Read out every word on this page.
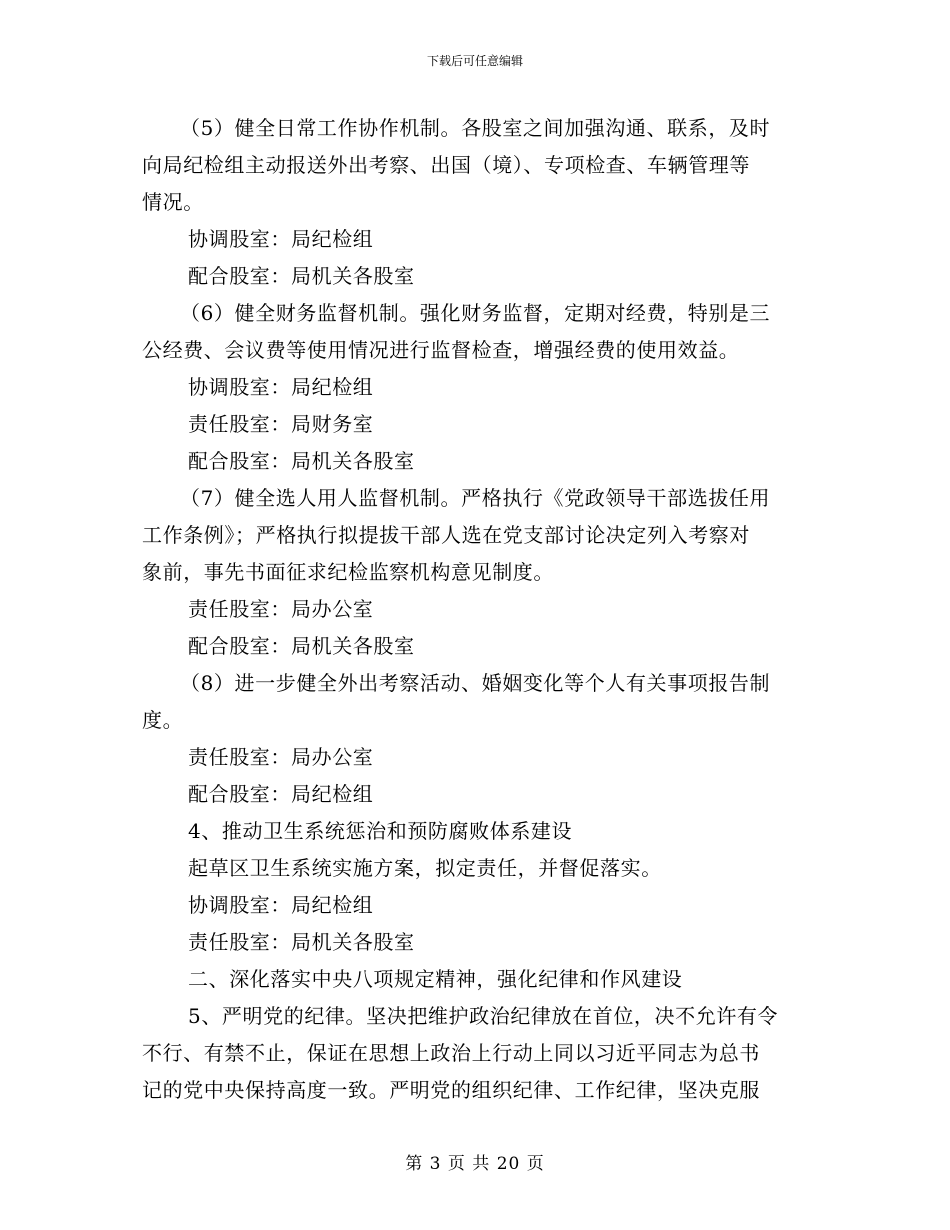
下载后可任意编辑
（5）健全日常工作协作机制。各股室之间加强沟通、联系，及时
向局纪检组主动报送外出考察、出国（境）、专项检查、车辆管理等
情况。
协调股室：局纪检组
配合股室：局机关各股室
（6）健全财务监督机制。强化财务监督，定期对经费，特别是三
公经费、会议费等使用情况进行监督检查，增强经费的使用效益。
协调股室：局纪检组
责任股室：局财务室
配合股室：局机关各股室
（7）健全选人用人监督机制。严格执行《党政领导干部选拔任用
工作条例》；严格执行拟提拔干部人选在党支部讨论决定列入考察对
象前，事先书面征求纪检监察机构意见制度。
责任股室：局办公室
配合股室：局机关各股室
（8）进一步健全外出考察活动、婚姻变化等个人有关事项报告制
度。
责任股室：局办公室
配合股室：局纪检组
4、推动卫生系统惩治和预防腐败体系建设
起草区卫生系统实施方案，拟定责任，并督促落实。
协调股室：局纪检组
责任股室：局机关各股室
二、深化落实中央八项规定精神，强化纪律和作风建设
5、严明党的纪律。坚决把维护政治纪律放在首位，决不允许有令
不行、有禁不止，保证在思想上政治上行动上同以习近平同志为总书
记的党中央保持高度一致。严明党的组织纪律、工作纪律，坚决克服
第 3 页 共 20 页
